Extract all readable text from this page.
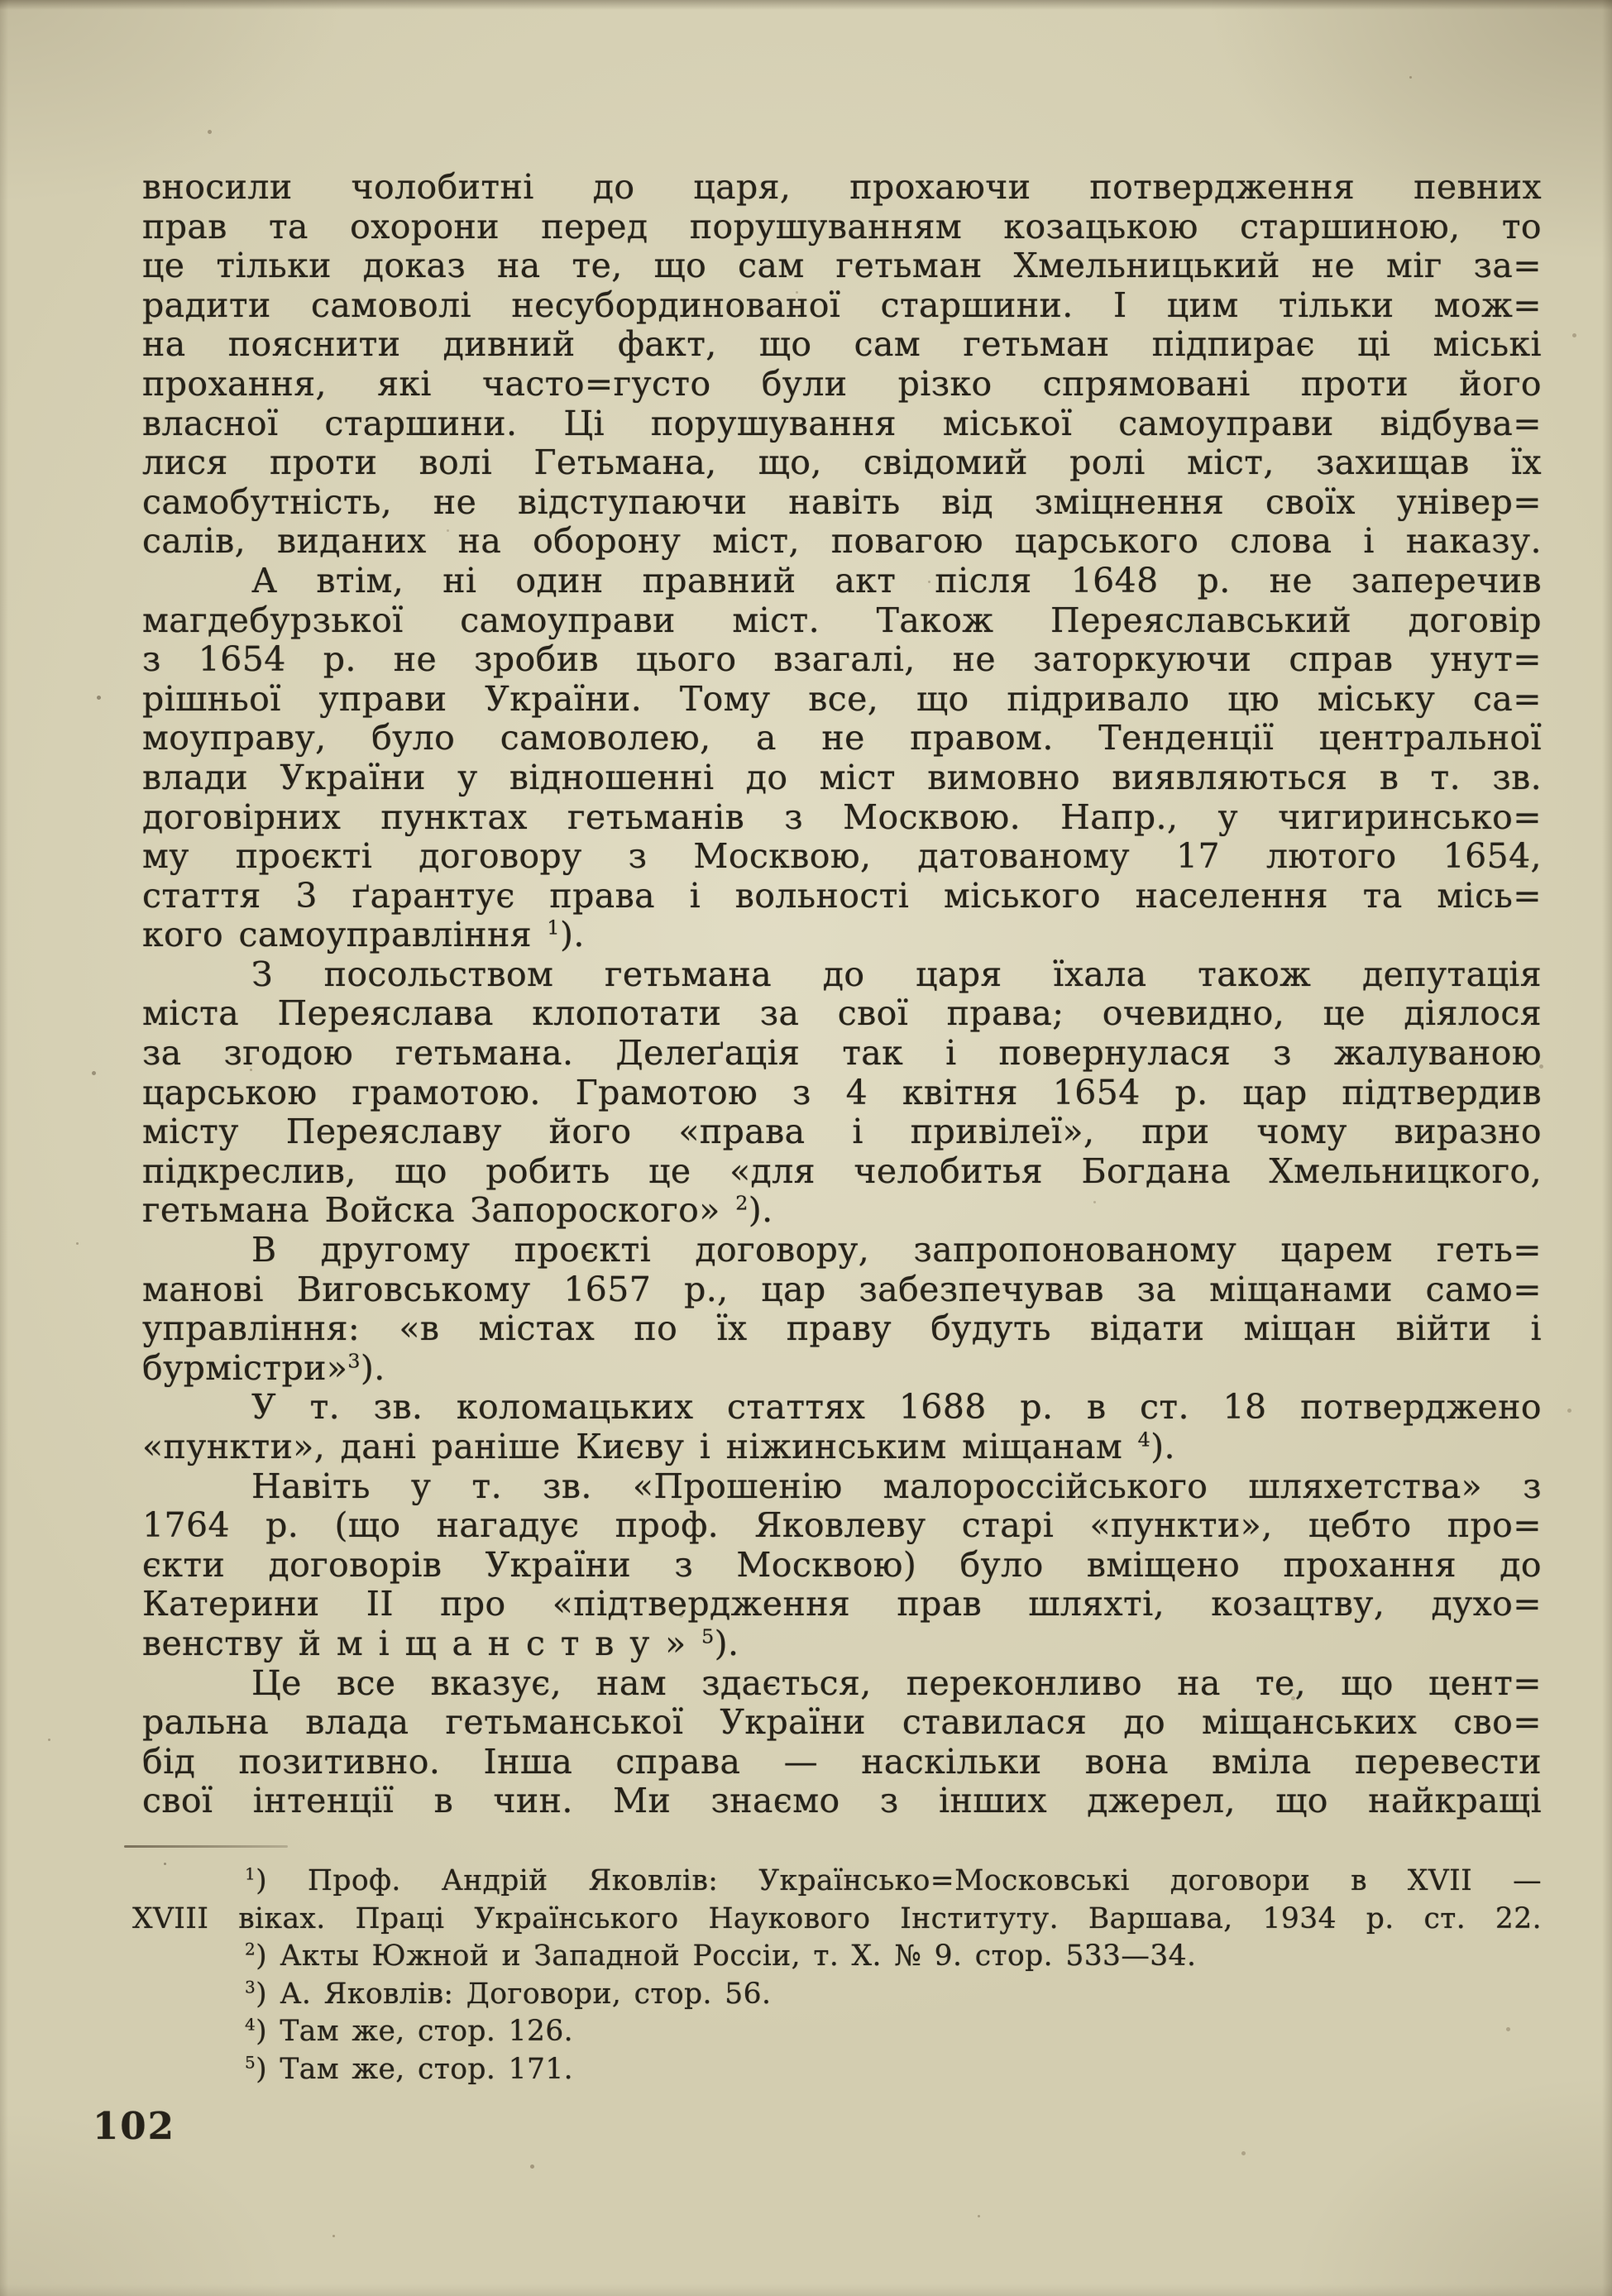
вносили чолобитні до царя, прохаючи потвердження певних
прав та охорони перед порушуванням козацькою старшиною, то
це тільки доказ на те, що сам гетьман Хмельницький не міг за=
радити самоволі несубординованої старшини. І цим тільки мож=
на пояснити дивний факт, що сам гетьман підпирає ці міські
прохання, які часто=густо були різко спрямовані проти його
власної старшини. Ці порушування міської самоуправи відбува=
лися проти волі Гетьмана, що, свідомий ролі міст, захищав їх
самобутність, не відступаючи навіть від зміцнення своїх універ=
салів, виданих на оборону міст, повагою царського слова і наказу.
А втім, ні один правний акт після 1648 р. не заперечив
магдебурзької самоуправи міст. Також Переяславський договір
з 1654 р. не зробив цього взагалі, не заторкуючи справ унут=
рішньої управи України. Тому все, що підривало цю міську са=
моуправу, було самоволею, а не правом. Тенденції центральної
влади України у відношенні до міст вимовно виявляються в т. зв.
договірних пунктах гетьманів з Москвою. Напр., у чигиринсько=
му проєкті договору з Москвою, датованому 17 лютого 1654,
стаття 3 ґарантує права і вольності міського населення та місь=
кого самоуправління $^1$).
З посольством гетьмана до царя їхала також депутація
міста Переяслава клопотати за свої права; очевидно, це діялося
за згодою гетьмана. Делеґація так і повернулася з жалуваною
царською грамотою. Грамотою з 4 квітня 1654 р. цар підтвердив
місту Переяславу його «права і привілеї», при чому виразно
підкреслив, що робить це «для челобитья Богдана Хмельницкого,
гетьмана Войска Запороского» $^2$).
В другому проєкті договору, запропонованому царем геть=
манові Виговському 1657 р., цар забезпечував за міщанами само=
управління: «в містах по їх праву будуть відати міщан війти і
бурмістри»$^3$).
У т. зв. коломацьких статтях 1688 р. в ст. 18 потверджено
«пункти», дані раніше Києву і ніжинським міщанам $^4$).
Навіть у т. зв. «Прошенію малороссійського шляхетства» з
1764 р. (що нагадує проф. Яковлеву старі «пункти», цебто про=
єкти договорів України з Москвою) було вміщено прохання до
Катерини II про «підтвердження прав шляхті, козацтву, духо=
венству й м і щ а н с т в у » $^5$).
Це все вказує, нам здається, переконливо на те, що цент=
ральна влада гетьманської України ставилася до міщанських сво=
бід позитивно. Інша справа — наскільки вона вміла перевести
свої інтенції в чин. Ми знаємо з інших джерел, що найкращі
$^1$) Проф. Андрій Яковлів: Українсько=Московські договори в XVII —
XVIII віках. Праці Українського Наукового Інституту. Варшава, 1934 р. ст. 22.
$^2$) Акты Южной и Западной Россіи, т. X. № 9. стор. 533—34.
$^3$) А. Яковлів: Договори, стор. 56.
$^4$) Там же, стор. 126.
$^5$) Там же, стор. 171.
102
